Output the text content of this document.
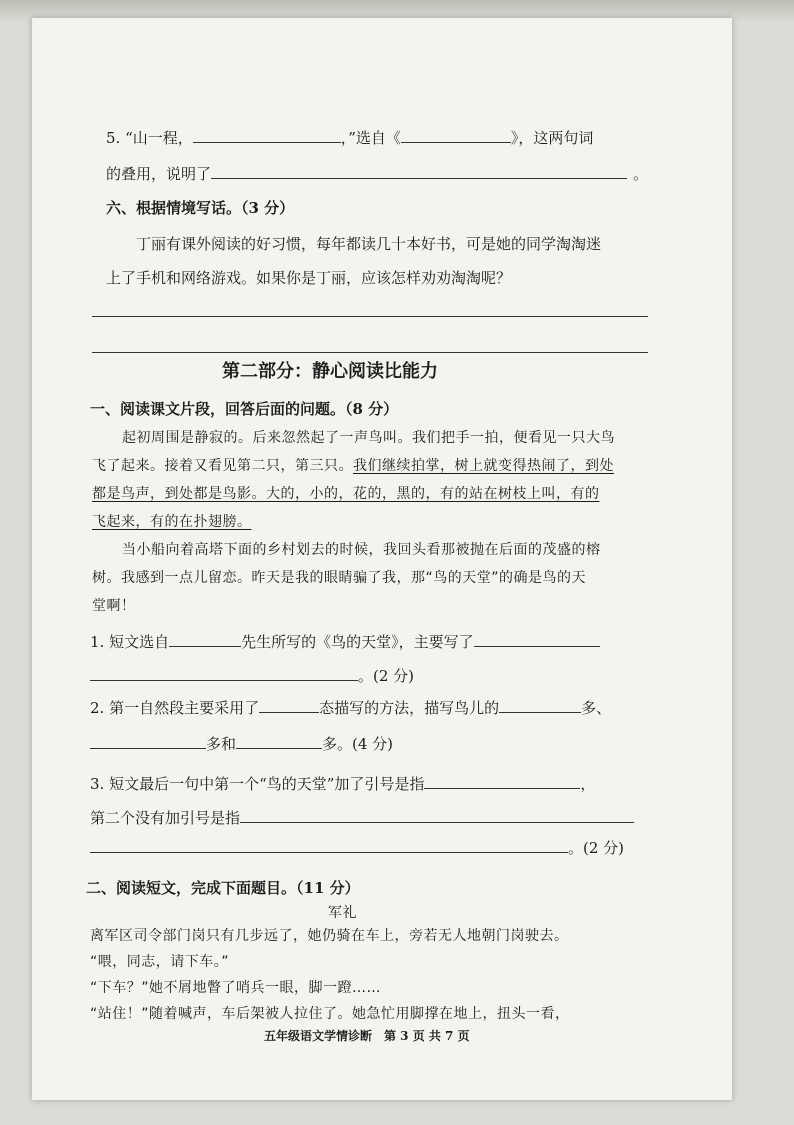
5. “山一程，	，”选自《	》，这两句词
的叠用，说明了	。
六、根据情境写话。（3 分）
丁丽有课外阅读的好习惯，每年都读几十本好书，可是她的同学淘淘迷
上了手机和网络游戏。如果你是丁丽，应该怎样劝劝淘淘呢？
第二部分：静心阅读比能力
一、阅读课文片段，回答后面的问题。（8 分）
起初周围是静寂的。后来忽然起了一声鸟叫。我们把手一拍，便看见一只大鸟
飞了起来。接着又看见第二只，第三只。我们继续拍掌，树上就变得热闹了，到处
都是鸟声，到处都是鸟影。大的，小的，花的，黑的，有的站在树枝上叫，有的
飞起来，有的在扑翅膀。
当小船向着高塔下面的乡村划去的时候，我回头看那被抛在后面的茂盛的榕
树。我感到一点儿留恋。昨天是我的眼睛骗了我，那“鸟的天堂”的确是鸟的天
堂啊！
1. 短文选自	先生所写的《鸟的天堂》，主要写了
。(2 分)
2. 第一自然段主要采用了	态描写的方法，描写鸟儿的	多、
多和	多。(4 分)
3. 短文最后一句中第一个“鸟的天堂”加了引号是指	，
第二个没有加引号是指
。(2 分)
二、阅读短文，完成下面题目。（11 分）
军礼
离军区司令部门岗只有几步远了，她仍骑在车上，旁若无人地朝门岗驶去。
“喂，同志，请下车。”
“下车？”她不屑地瞥了哨兵一眼，脚一蹬……
“站住！”随着喊声，车后架被人拉住了。她急忙用脚撑在地上，扭头一看，
五年级语文学情诊断　第 3 页 共 7 页
